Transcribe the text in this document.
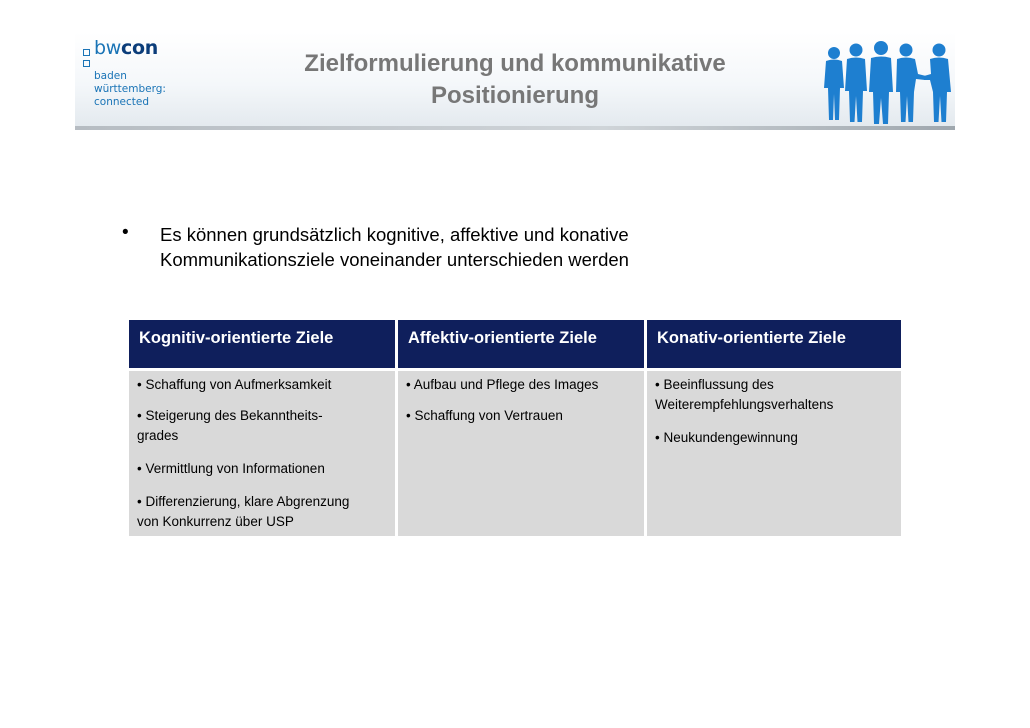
bwcon
baden
württemberg:
connected
Zielformulierung und kommunikative
Positionierung
• Es können grundsätzlich kognitive, affektive und konative
Kommunikationsziele voneinander unterschieden werden
Kognitiv-orientierte Ziele
• Schaffung von Aufmerksamkeit
• Steigerung des Bekanntheits-
grades
• Vermittlung von Informationen
• Differenzierung, klare Abgrenzung
von Konkurrenz über USP
Affektiv-orientierte Ziele
• Aufbau und Pflege des Images
• Schaffung von Vertrauen
Konativ-orientierte Ziele
• Beeinflussung des
Weiterempfehlungsverhaltens
• Neukundengewinnung
